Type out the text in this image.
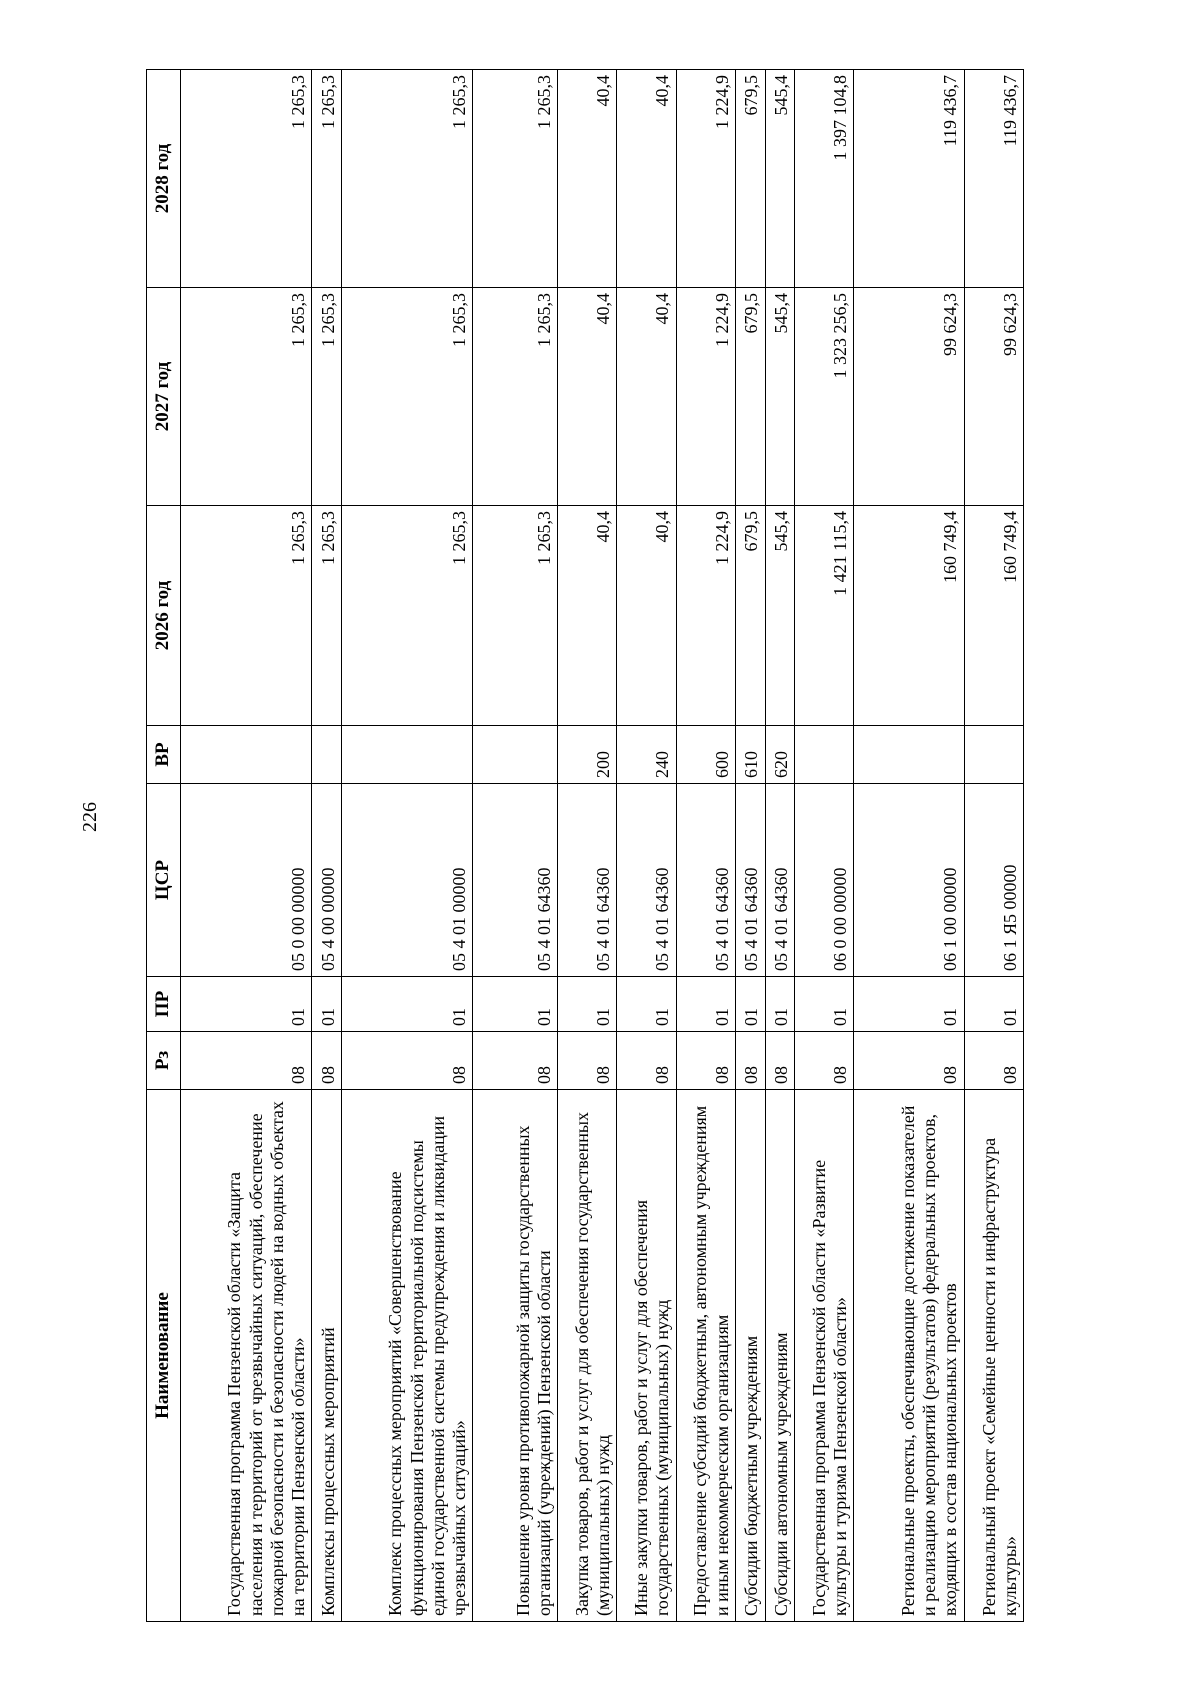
226
Наименование	Рз	ПР	ЦСР	ВР	2026 год	2027 год	2028 год
Государственная программа Пензенской области «Защита населения и территорий от чрезвычайных ситуаций, обеспечение пожарной безопасности и безопасности людей на водных объектах на территории Пензенской области»	08	01	05 0 00 00000		1 265,3	1 265,3	1 265,3
Комплексы процессных мероприятий	08	01	05 4 00 00000		1 265,3	1 265,3	1 265,3
Комплекс процессных мероприятий «Совершенствование функционирования Пензенской территориальной подсистемы единой государственной системы предупреждения и ликвидации чрезвычайных ситуаций»	08	01	05 4 01 00000		1 265,3	1 265,3	1 265,3
Повышение уровня противопожарной защиты государственных организаций (учреждений) Пензенской области	08	01	05 4 01 64360		1 265,3	1 265,3	1 265,3
Закупка товаров, работ и услуг для обеспечения государственных (муниципальных) нужд	08	01	05 4 01 64360	200	40,4	40,4	40,4
Иные закупки товаров, работ и услуг для обеспечения государственных (муниципальных) нужд	08	01	05 4 01 64360	240	40,4	40,4	40,4
Предоставление субсидий бюджетным, автономным учреждениям и иным некоммерческим организациям	08	01	05 4 01 64360	600	1 224,9	1 224,9	1 224,9
Субсидии бюджетным учреждениям	08	01	05 4 01 64360	610	679,5	679,5	679,5
Субсидии автономным учреждениям	08	01	05 4 01 64360	620	545,4	545,4	545,4
Государственная программа Пензенской области «Развитие культуры и туризма Пензенской области»	08	01	06 0 00 00000		1 421 115,4	1 323 256,5	1 397 104,8
Региональные проекты, обеспечивающие достижение показателей и реализацию мероприятий (результатов) федеральных проектов, входящих в состав национальных проектов	08	01	06 1 00 00000		160 749,4	99 624,3	119 436,7
Региональный проект «Семейные ценности и инфраструктура культуры»	08	01	06 1 Я5 00000		160 749,4	99 624,3	119 436,7
